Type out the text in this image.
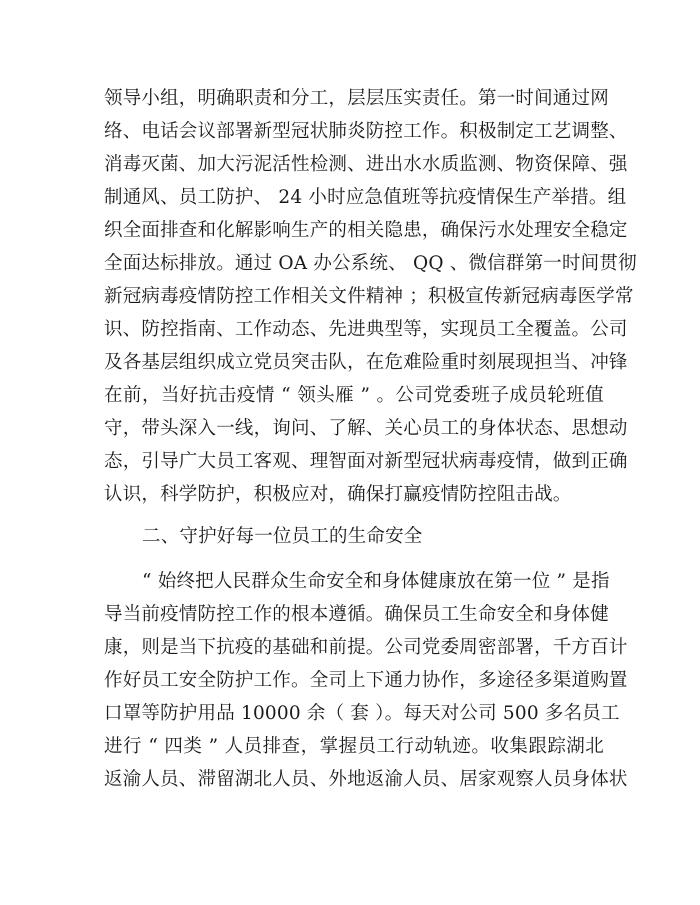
领导小组，明确职责和分工，层层压实责任。第一时间通过网

络、电话会议部署新型冠状肺炎防控工作。积极制定工艺调整、

消毒灭菌、加大污泥活性检测、进出水水质监测、物资保障、强

制通风、员工防护、 24 小时应急值班等抗疫情保生产举措。组

织全面排查和化解影响生产的相关隐患，确保污水处理安全稳定

全面达标排放。通过 OA 办公系统、 QQ 、微信群第一时间贯彻

新冠病毒疫情防控工作相关文件精神 ；积极宣传新冠病毒医学常

识、防控指南、工作动态、先进典型等，实现员工全覆盖。公司

及各基层组织成立党员突击队，在危难险重时刻展现担当、冲锋

在前，当好抗击疫情 “ 领头雁 ” 。公司党委班子成员轮班值

守，带头深入一线，询问、了解、关心员工的身体状态、思想动

态，引导广大员工客观、理智面对新型冠状病毒疫情，做到正确

认识，科学防护，积极应对，确保打赢疫情防控阻击战。

二、守护好每一位员工的生命安全

“ 始终把人民群众生命安全和身体健康放在第一位 ” 是指

导当前疫情防控工作的根本遵循。确保员工生命安全和身体健

康，则是当下抗疫的基础和前提。公司党委周密部署，千方百计

作好员工安全防护工作。全司上下通力协作，多途径多渠道购置

口罩等防护用品 10000 余（ 套 ）。每天对公司 500 多名员工

进行 “ 四类 ” 人员排查，掌握员工行动轨迹。收集跟踪湖北

返渝人员、滞留湖北人员、外地返渝人员、居家观察人员身体状
